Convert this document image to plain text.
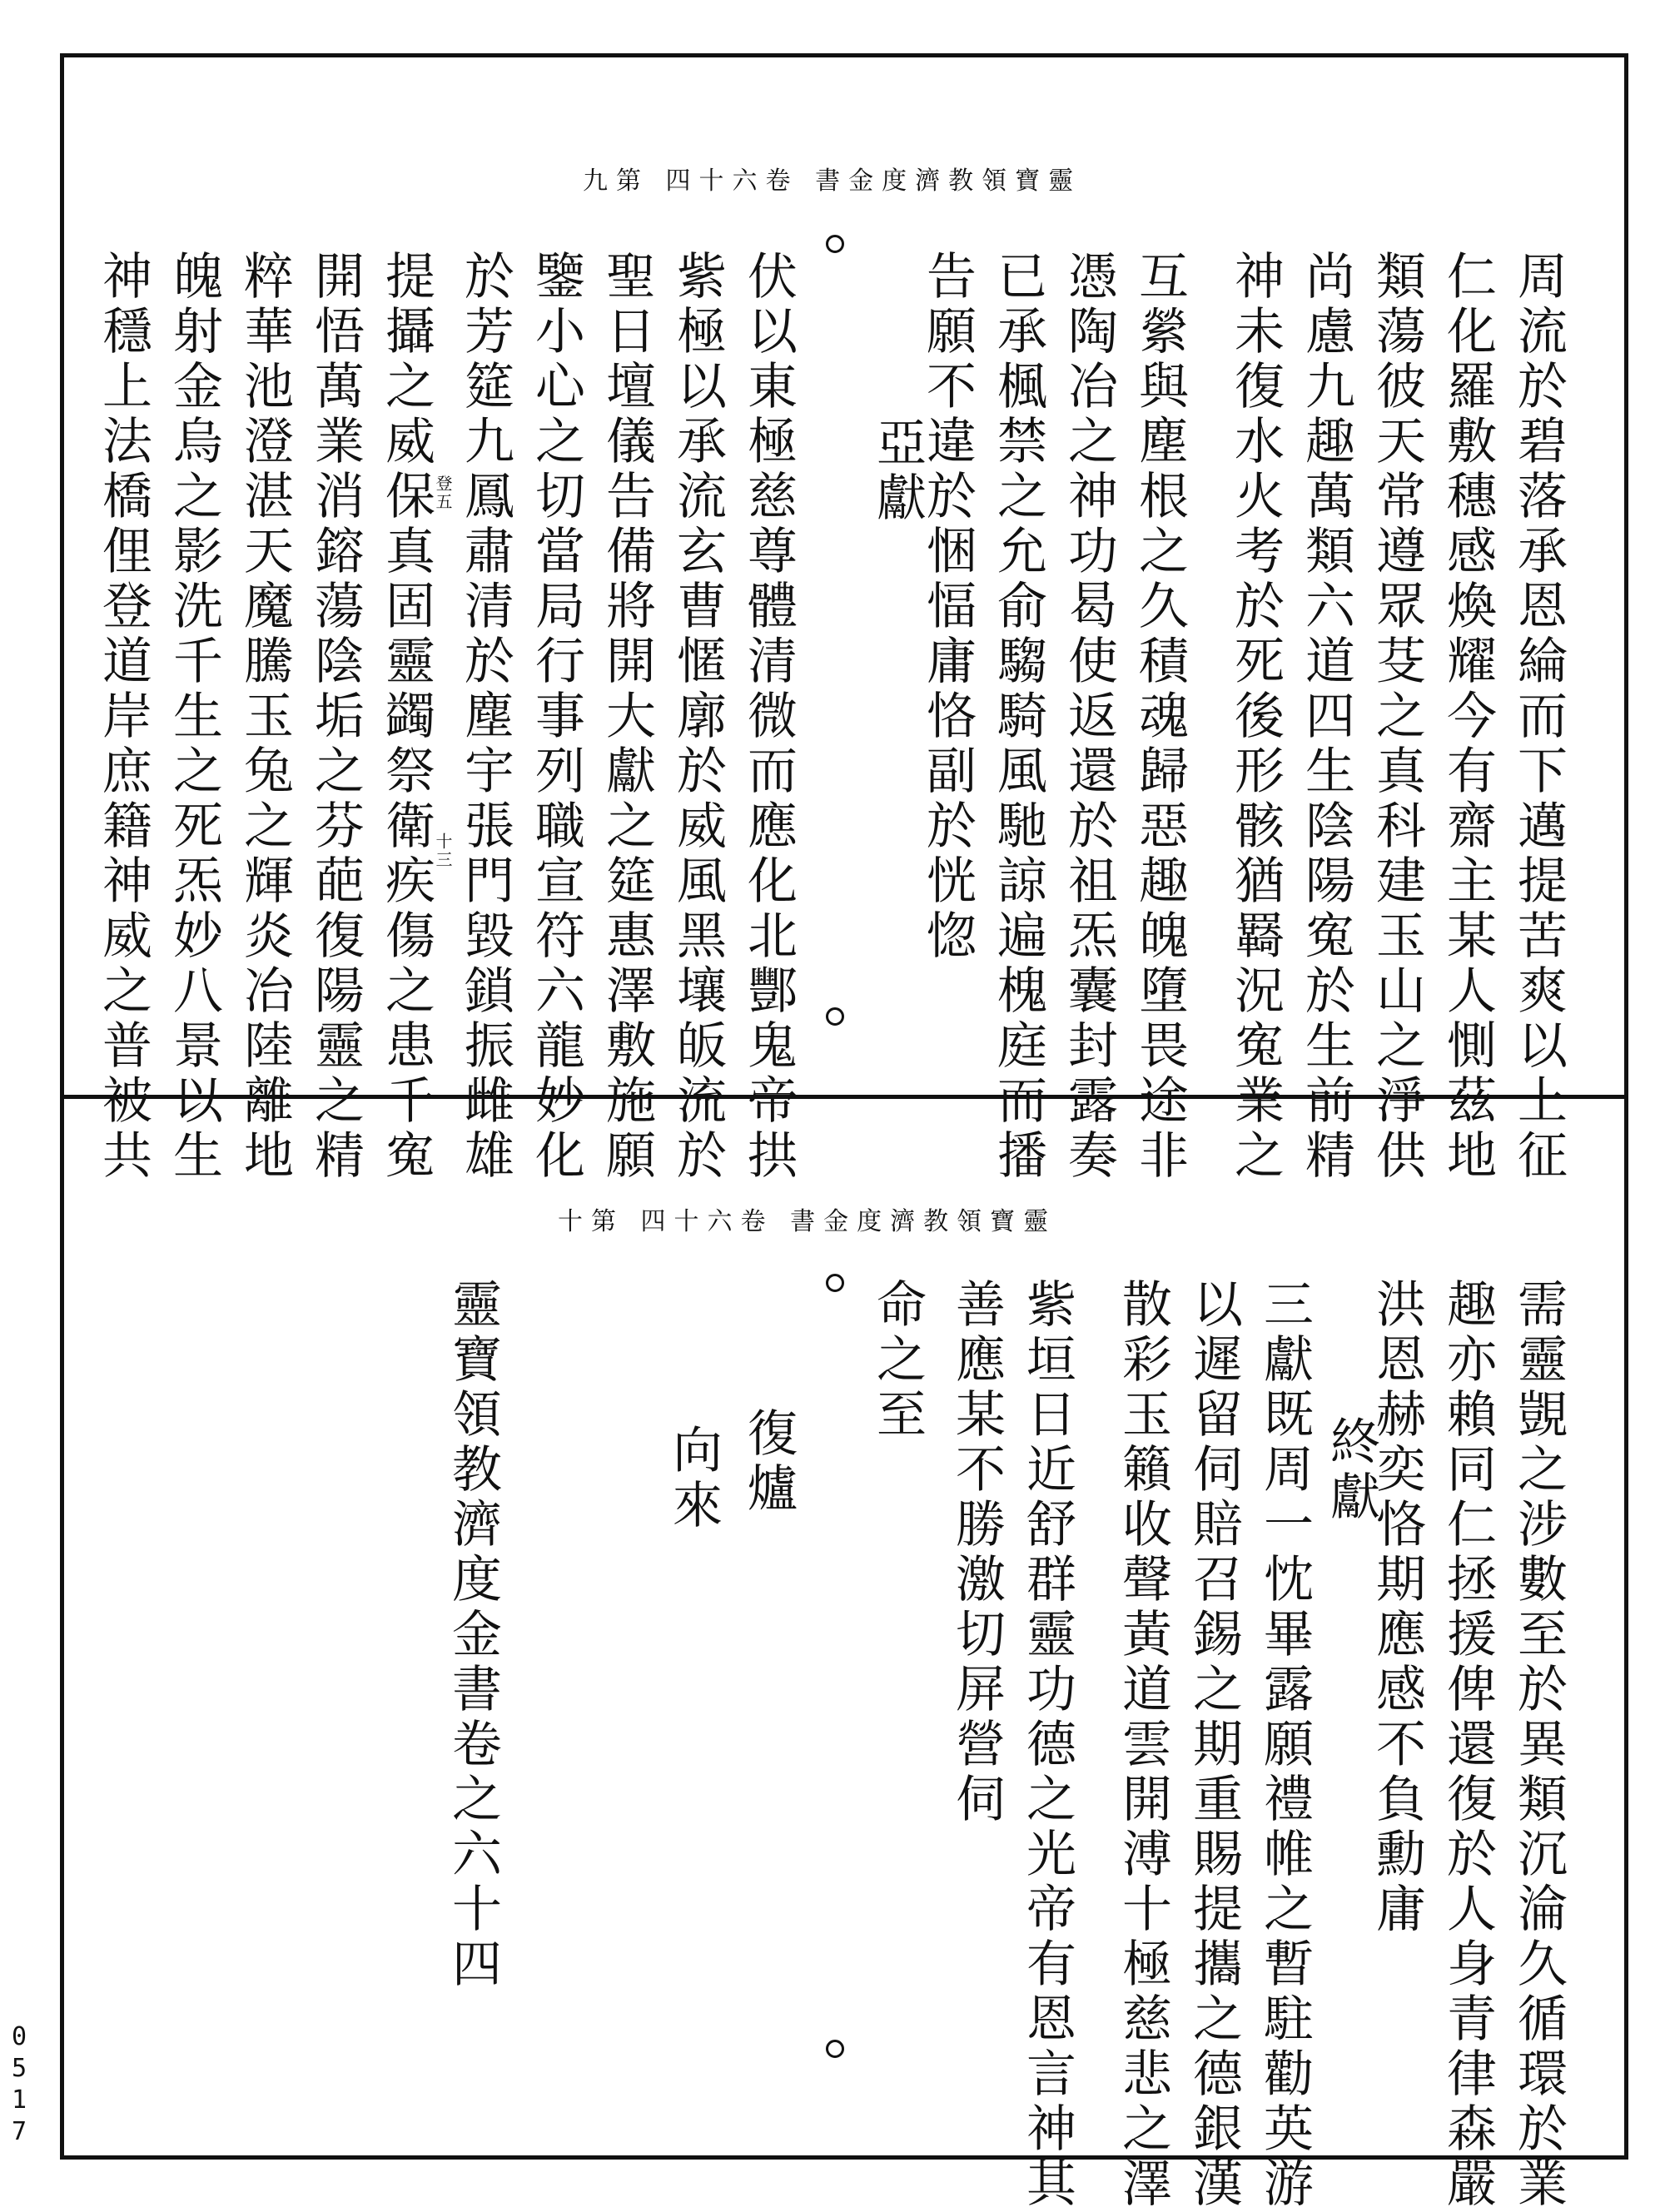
靈寶領教濟度金書 卷六十四 第九
周流於碧落承恩綸而下邁提苦爽以上征
仁化羅敷穗感煥耀今有齋主某人惻茲地
類蕩彼天常遵眾芟之真科建玉山之淨供
尚慮九趣萬類六道四生陰陽寃於生前精
神未復水火考於死後形骸猶羇況寃業之
互縈與塵根之久積魂歸惡趣魄墮畏途非
憑陶冶之神功曷使返還於祖炁囊封露奏
已承楓禁之允俞騶騎風馳諒遍槐庭而播
告願不違於悃愊庸恪副於恍惚
亞獻
伏以東極慈尊體清微而應化北酆鬼帝拱
紫極以承流玄曹㥾廓於威風黑壤皈流於
聖日壇儀告備將開大獻之筵惠澤敷施願
鑒小心之切當局行事列職宣符六龍妙化
於芳筵九鳳肅清於塵宇張門毀鎖振雌雄
登五
十三
提攝之威保真固靈蠲祭衛疾傷之患千寃
開悟萬業消鎔蕩陰垢之芬葩復陽靈之精
粹華池澄湛天魔騰玉兔之輝炎冶陸離地
魄射金烏之影洗千生之死炁妙八景以生
神穩上法橋俚登道岸庶籍神威之普被共
靈寶領教濟度金書 卷六十四 第十
需靈覬之涉數至於異類沉淪久循環於業
趣亦賴同仁拯援俾還復於人身青律森嚴
洪恩赫奕恪期應感不負勳庸
終獻
三獻既周一忱畢露願禮帷之暫駐勸英游
以遲留伺賠召錫之期重賜提攜之德銀漢
散彩玉籟收聲黃道雲開溥十極慈悲之澤
紫垣日近舒群靈功德之光帝有恩言神其
善應某不勝激切屏營伺
命之至
復爐
向來
靈寶領教濟度金書卷之六十四
0
5
1
7
